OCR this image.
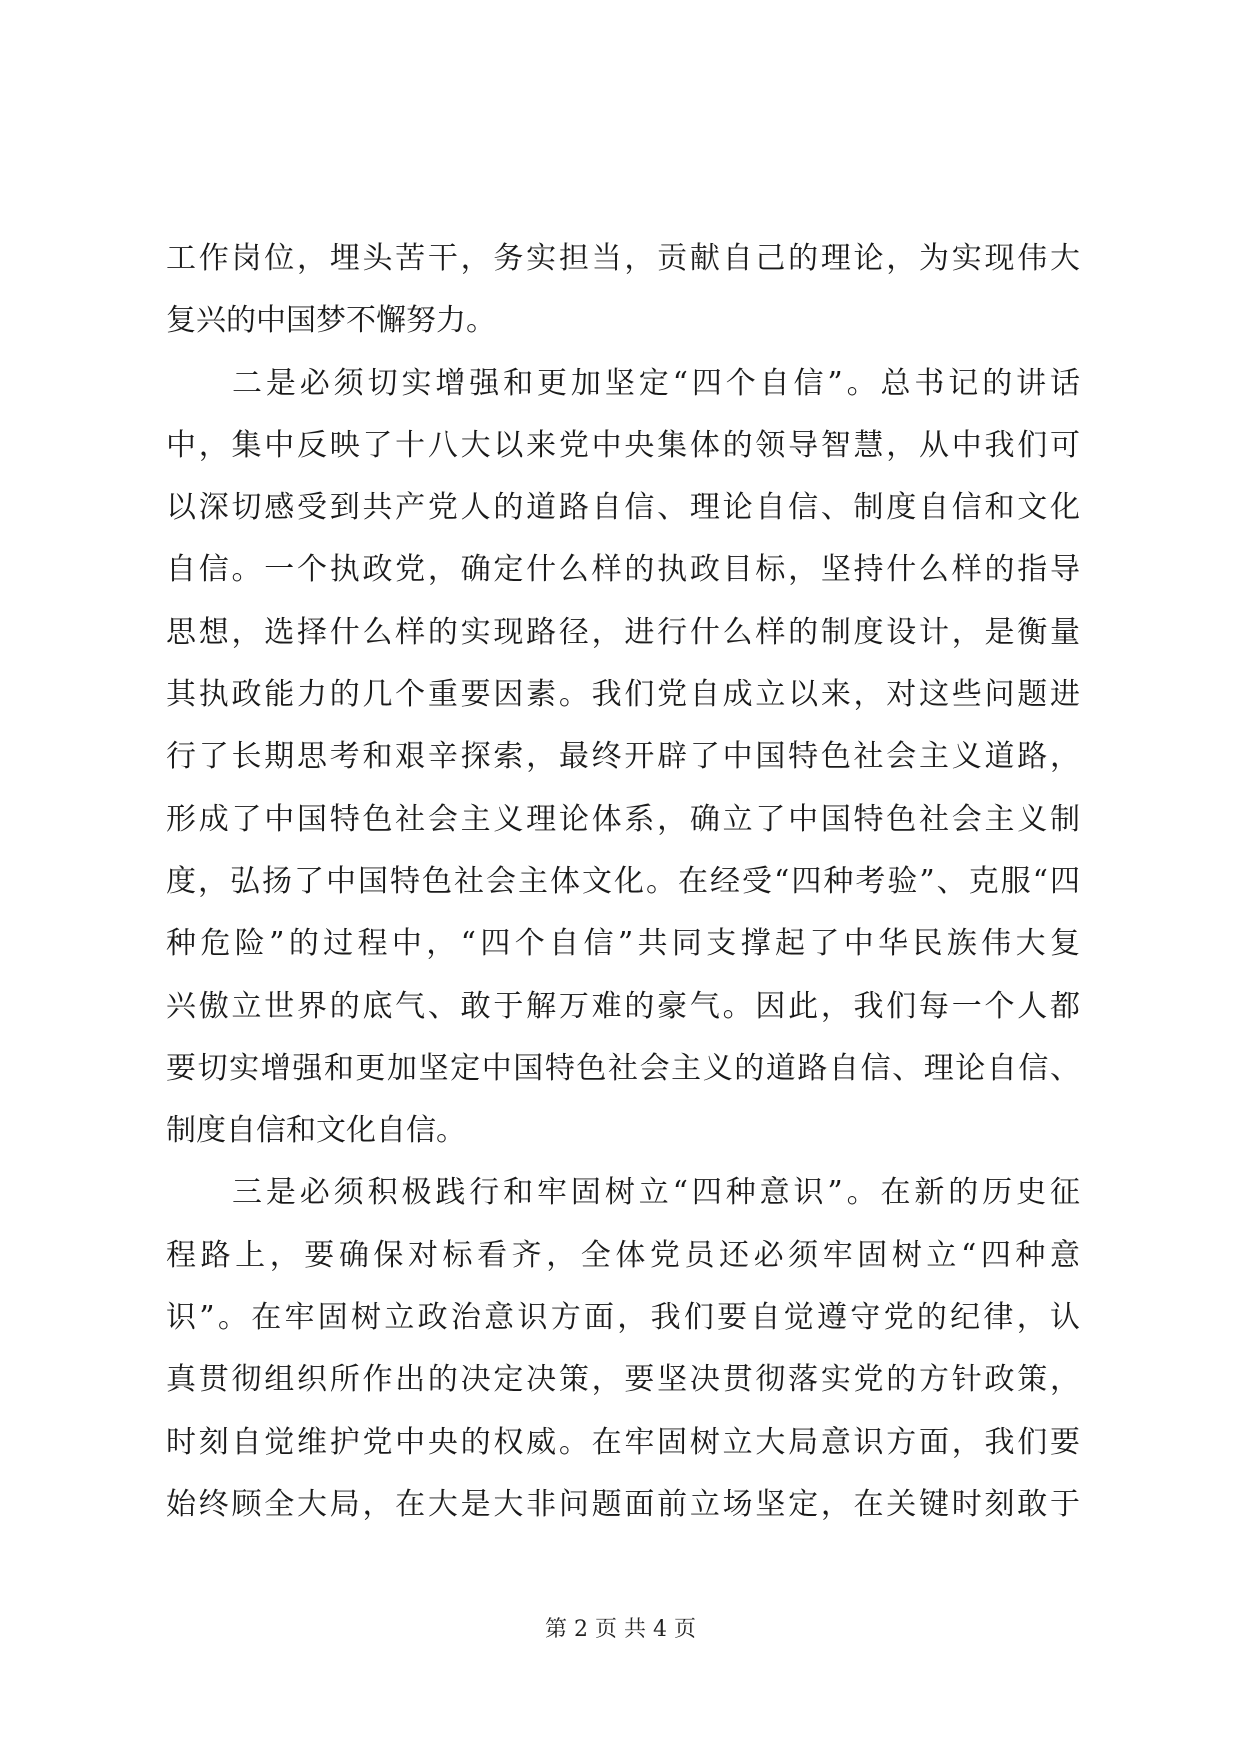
工作岗位，埋头苦干，务实担当，贡献自己的理论，为实现伟大
复兴的中国梦不懈努力。
二是必须切实增强和更加坚定“四个自信”。总书记的讲话
中，集中反映了十八大以来党中央集体的领导智慧，从中我们可
以深切感受到共产党人的道路自信、理论自信、制度自信和文化
自信。一个执政党，确定什么样的执政目标，坚持什么样的指导
思想，选择什么样的实现路径，进行什么样的制度设计，是衡量
其执政能力的几个重要因素。我们党自成立以来，对这些问题进
行了长期思考和艰辛探索，最终开辟了中国特色社会主义道路，
形成了中国特色社会主义理论体系，确立了中国特色社会主义制
度，弘扬了中国特色社会主体文化。在经受“四种考验”、克服“四
种危险”的过程中，“四个自信”共同支撑起了中华民族伟大复
兴傲立世界的底气、敢于解万难的豪气。因此，我们每一个人都
要切实增强和更加坚定中国特色社会主义的道路自信、理论自信、
制度自信和文化自信。
三是必须积极践行和牢固树立“四种意识”。在新的历史征
程路上，要确保对标看齐，全体党员还必须牢固树立“四种意
识”。在牢固树立政治意识方面，我们要自觉遵守党的纪律，认
真贯彻组织所作出的决定决策，要坚决贯彻落实党的方针政策，
时刻自觉维护党中央的权威。在牢固树立大局意识方面，我们要
始终顾全大局，在大是大非问题面前立场坚定，在关键时刻敢于
第 2 页 共 4 页
